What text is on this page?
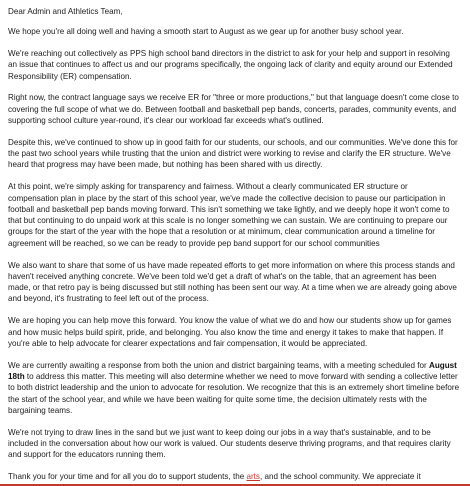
Dear Admin and Athletics Team,

We hope you're all doing well and having a smooth start to August as we gear up for another busy school year.

We're reaching out collectively as PPS high school band directors in the district to ask for your help and support in resolving an issue that continues to affect us and our programs specifically, the ongoing lack of clarity and equity around our Extended Responsibility (ER) compensation.

Right now, the contract language says we receive ER for "three or more productions," but that language doesn't come close to covering the full scope of what we do. Between football and basketball pep bands, concerts, parades, community events, and supporting school culture year-round, it's clear our workload far exceeds what's outlined.

Despite this, we've continued to show up in good faith for our students, our schools, and our communities. We've done this for the past two school years while trusting that the union and district were working to revise and clarify the ER structure. We've heard that progress may have been made, but nothing has been shared with us directly.

At this point, we're simply asking for transparency and fairness. Without a clearly communicated ER structure or compensation plan in place by the start of this school year, we've made the collective decision to pause our participation in football and basketball pep bands moving forward. This isn't something we take lightly, and we deeply hope it won't come to that but continuing to do unpaid work at this scale is no longer something we can sustain. We are continuing to prepare our groups for the start of the year with the hope that a resolution or at minimum, clear communication around a timeline for agreement will be reached, so we can be ready to provide pep band support for our school communities

We also want to share that some of us have made repeated efforts to get more information on where this process stands and haven't received anything concrete. We've been told we'd get a draft of what's on the table, that an agreement has been made, or that retro pay is being discussed but still nothing has been sent our way. At a time when we are already going above and beyond, it's frustrating to feel left out of the process.

We are hoping you can help move this forward. You know the value of what we do and how our students show up for games and how music helps build spirit, pride, and belonging. You also know the time and energy it takes to make that happen. If you're able to help advocate for clearer expectations and fair compensation, it would be appreciated.

We are currently awaiting a response from both the union and district bargaining teams, with a meeting scheduled for August 18th to address this matter. This meeting will also determine whether we need to move forward with sending a collective letter to both district leadership and the union to advocate for resolution. We recognize that this is an extremely short timeline before the start of the school year, and while we have been waiting for quite some time, the decision ultimately rests with the bargaining teams.

We're not trying to draw lines in the sand but we just want to keep doing our jobs in a way that's sustainable, and to be included in the conversation about how our work is valued. Our students deserve thriving programs, and that requires clarity and support for the educators running them.

Thank you for your time and for all you do to support students, the arts, and the school community. We appreciate it
